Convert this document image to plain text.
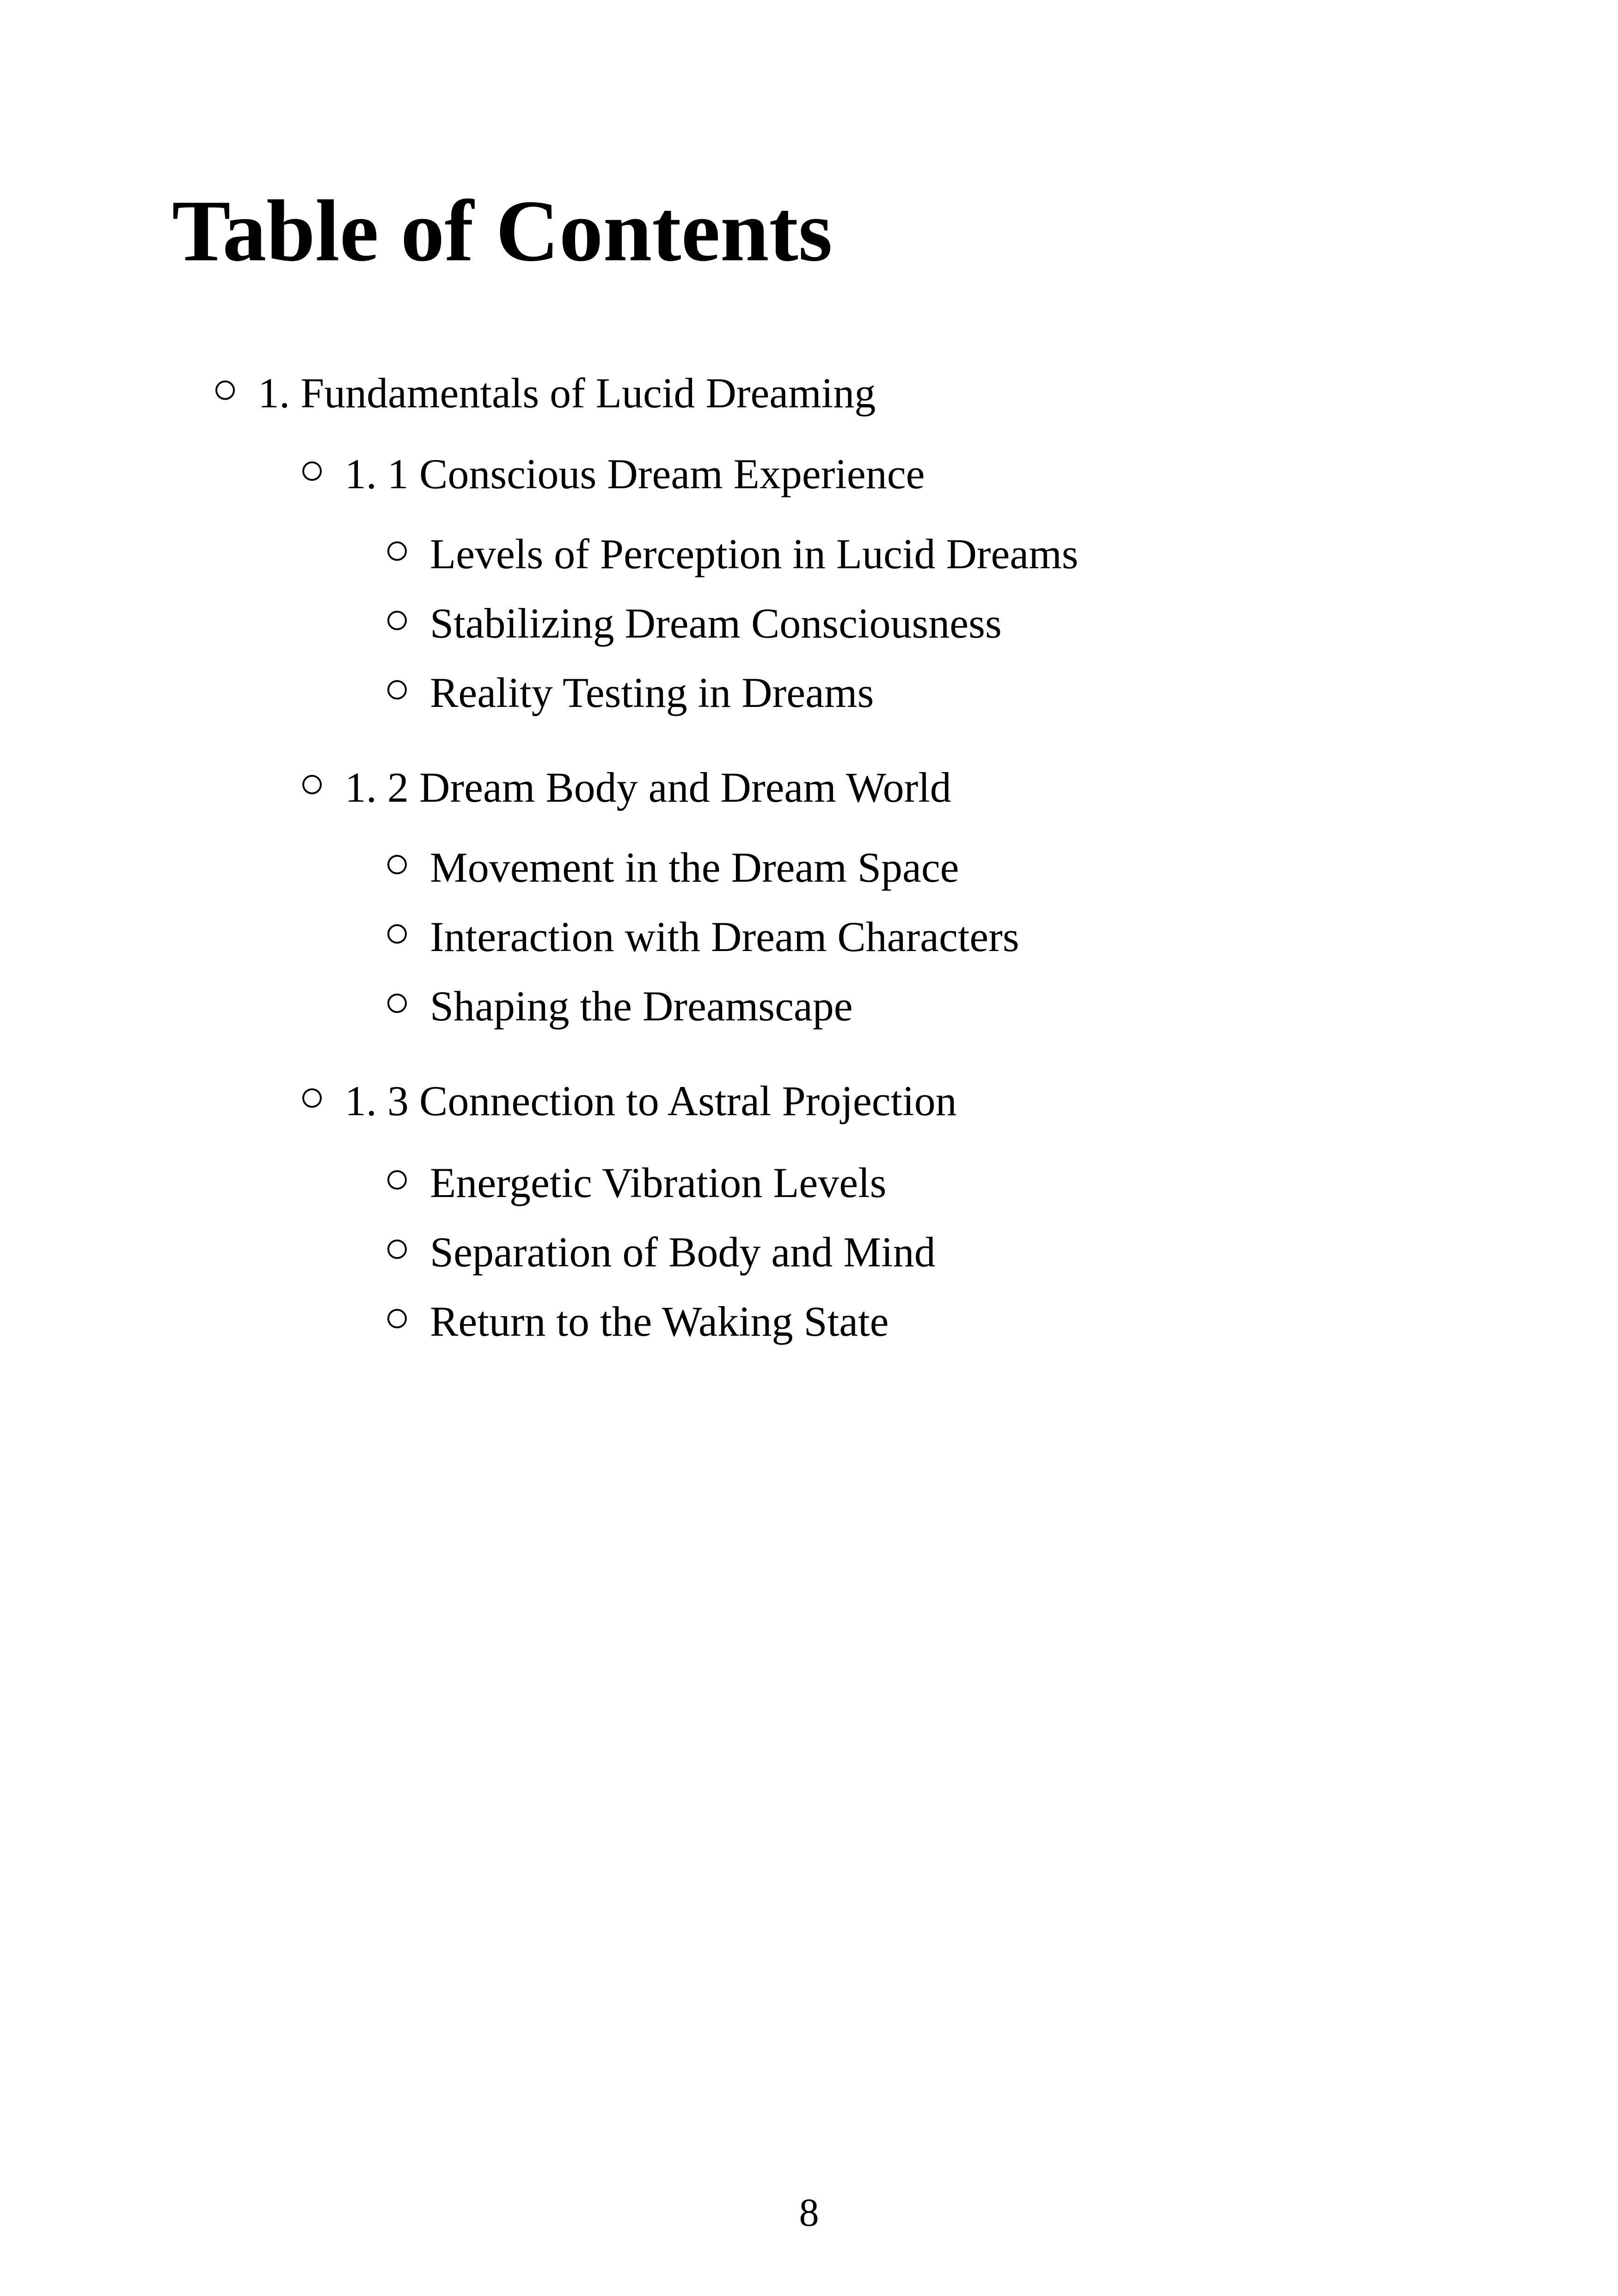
Table of Contents
1. Fundamentals of Lucid Dreaming
1. 1 Conscious Dream Experience
Levels of Perception in Lucid Dreams
Stabilizing Dream Consciousness
Reality Testing in Dreams
1. 2 Dream Body and Dream World
Movement in the Dream Space
Interaction with Dream Characters
Shaping the Dreamscape
1. 3 Connection to Astral Projection
Energetic Vibration Levels
Separation of Body and Mind
Return to the Waking State
8
